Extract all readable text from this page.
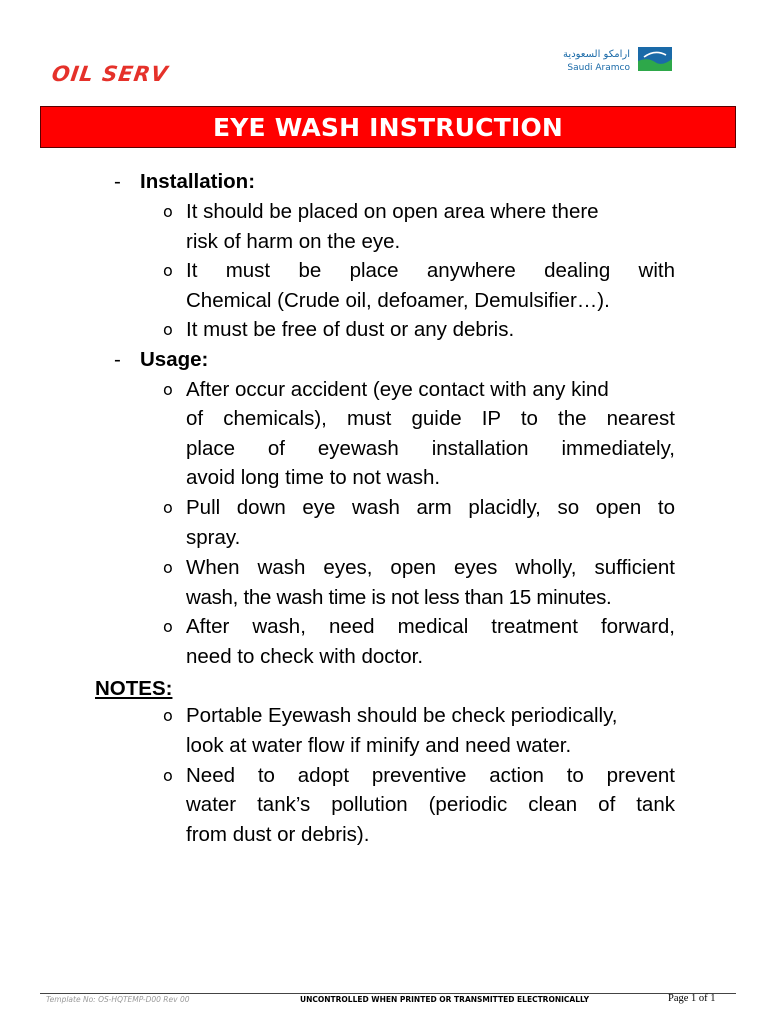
OIL SERV
ارامكو السعودية
Saudi Aramco
EYE WASH INSTRUCTION
- Installation:
o It should be placed on open area where there
risk of harm on the eye.
o It must be place anywhere dealing with
Chemical (Crude oil, defoamer, Demulsifier…).
o It must be free of dust or any debris.
- Usage:
o After occur accident (eye contact with any kind
of chemicals), must guide IP to the nearest
place of eyewash installation immediately,
avoid long time to not wash.
o Pull down eye wash arm placidly, so open to
spray.
o When wash eyes, open eyes wholly, sufficient
wash, the wash time is not less than 15 minutes.
o After wash, need medical treatment forward,
need to check with doctor.
NOTES:
o Portable Eyewash should be check periodically,
look at water flow if minify and need water.
o Need to adopt preventive action to prevent
water tank’s pollution (periodic clean of tank
from dust or debris).
Template No: OS-HQTEMP-D00 Rev 00	UNCONTROLLED WHEN PRINTED OR TRANSMITTED ELECTRONICALLY	Page 1 of 1
